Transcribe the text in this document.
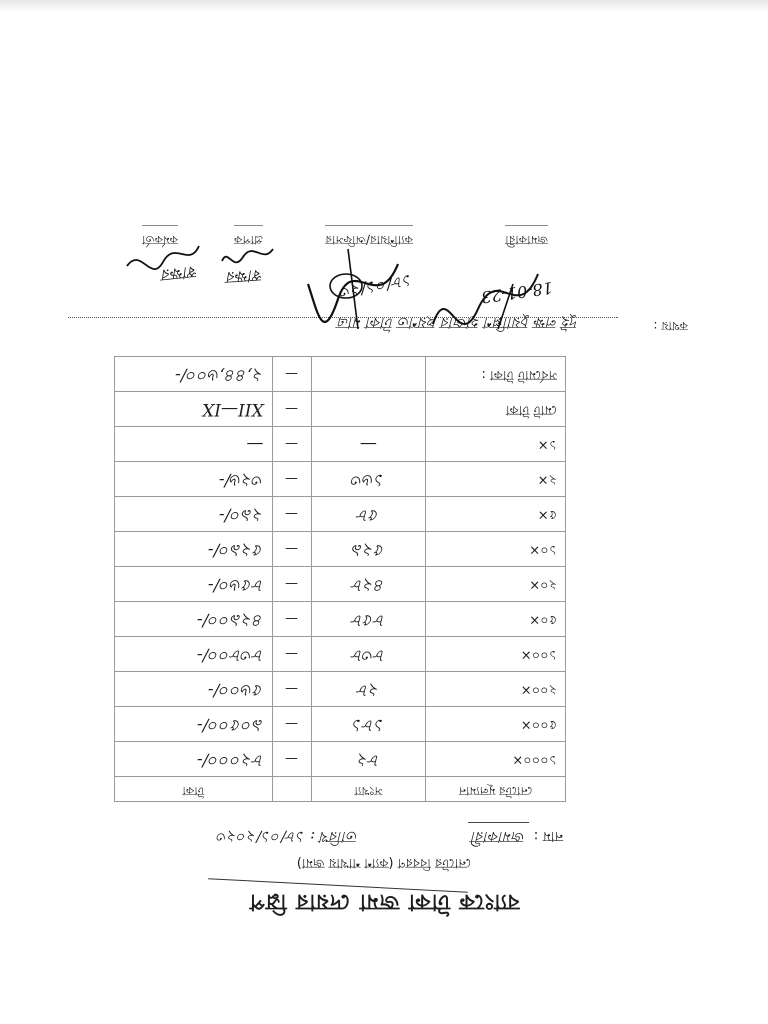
ব্যাংকে টাকা জমা দেয়ার স্লিপ
নোটের বিবরণ (ক্যাশ শাখায় জমা)
নাম : জমাকারী
তারিখ : ১৮/০১/২০২৩
নোটের মূল্যমান	সংখ্যা		টাকা
১০০০×	৮২	—	৮২০০০/-
৫০০×	১৮১	—	৯০৫০০/-
২০০×	২৮	—	৫৬০০/-
১০০×	৮৩৮	—	৮৩৮০০/-
৫০×	৮৫৮	—	৪২৯০০/-
২০×	৪২৮	—	৮৫৬০/-
১০×	৫২৯	—	৫২৯০/-
৫×	৫৮	—	২৯০/-
২×	১৬৩	—	৩২৬/-
১×	—	—	—
মোট টাকা		—	XII—IX
সর্বমোট টাকা :		—	২,৪৪,৬০০/-
কথায় :
দুই লক্ষ চুয়াল্লিশ হাজার ছয়শত টাকা মাত্র
জমাকারী
ক্যাশিয়ার/অফিসার
প্রাপক
কর্মকর্তা
18-01-23
১৮/০১/২৩
স্বাক্ষর
স্বাক্ষর
